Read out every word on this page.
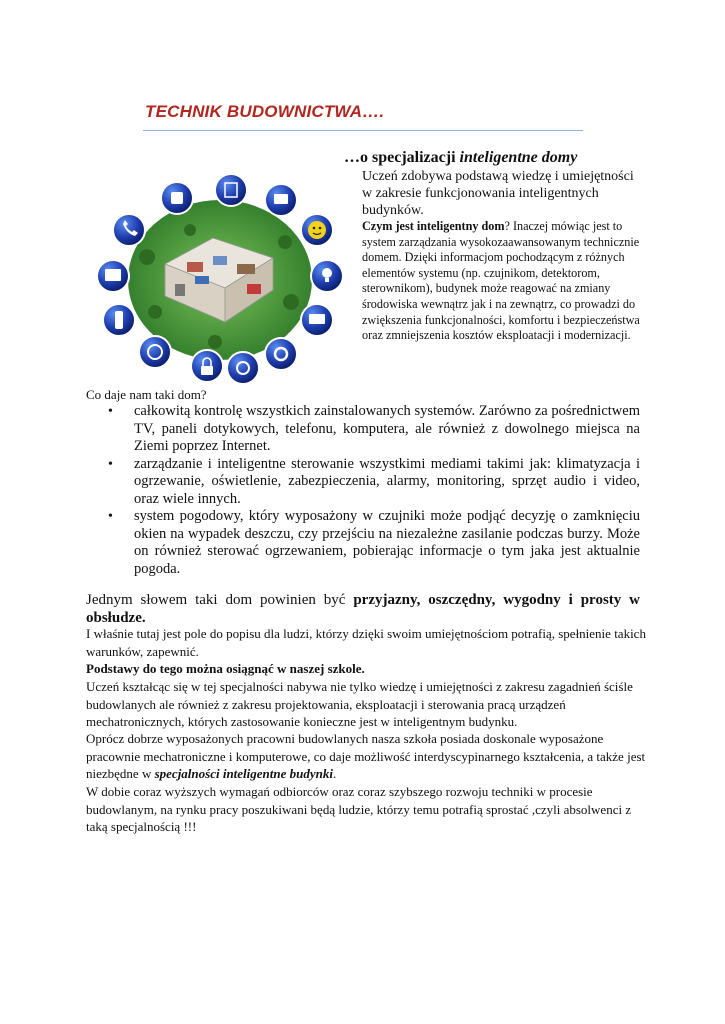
TECHNIK BUDOWNICTWA….
…o specjalizacji inteligentne domy
Uczeń zdobywa podstawą wiedzę i umiejętności w zakresie funkcjonowania inteligentnych budynków.
Czym jest inteligentny dom? Inaczej mówiąc jest to system zarządzania wysokozaawansowanym technicznie domem. Dzięki informacjom pochodzącym z różnych elementów systemu (np. czujnikom, detektorom, sterownikom), budynek może reagować na zmiany środowiska wewnątrz jak i na zewnątrz, co prowadzi do zwiększenia funkcjonalności, komfortu i bezpieczeństwa oraz zmniejszenia kosztów eksploatacji i modernizacji.
Co daje nam taki dom?
• całkowitą kontrolę wszystkich zainstalowanych systemów. Zarówno za pośrednictwem TV, paneli dotykowych, telefonu, komputera, ale również z dowolnego miejsca na Ziemi poprzez Internet.
• zarządzanie i inteligentne sterowanie wszystkimi mediami takimi jak: klimatyzacja i ogrzewanie, oświetlenie, zabezpieczenia, alarmy, monitoring, sprzęt audio i video, oraz wiele innych.
• system pogodowy, który wyposażony w czujniki może podjąć decyzję o zamknięciu okien na wypadek deszczu, czy przejściu na niezależne zasilanie podczas burzy. Może on również sterować ogrzewaniem, pobierając informacje o tym jaka jest aktualnie pogoda.
Jednym słowem taki dom powinien być przyjazny, oszczędny, wygodny i prosty w obsłudze.
I właśnie tutaj jest pole do popisu dla ludzi, którzy dzięki swoim umiejętnościom potrafią, spełnienie takich warunków, zapewnić.
Podstawy do tego można osiągnąć w naszej szkole.
Uczeń kształcąc się w tej specjalności nabywa nie tylko wiedzę i umiejętności z zakresu zagadnień ściśle budowlanych ale również z zakresu projektowania, eksploatacji i sterowania pracą urządzeń mechatronicznych, których zastosowanie konieczne jest w inteligentnym budynku.
Oprócz dobrze wyposażonych pracowni budowlanych nasza szkoła posiada doskonale wyposażone pracownie mechatroniczne i komputerowe, co daje możliwość interdyscypinarnego kształcenia, a także jest niezbędne w specjalności inteligentne budynki.
W dobie coraz wyższych wymagań odbiorców oraz coraz szybszego rozwoju techniki w procesie budowlanym, na rynku pracy poszukiwani będą ludzie, którzy temu potrafią sprostać ,czyli absolwenci z taką specjalnością !!!
